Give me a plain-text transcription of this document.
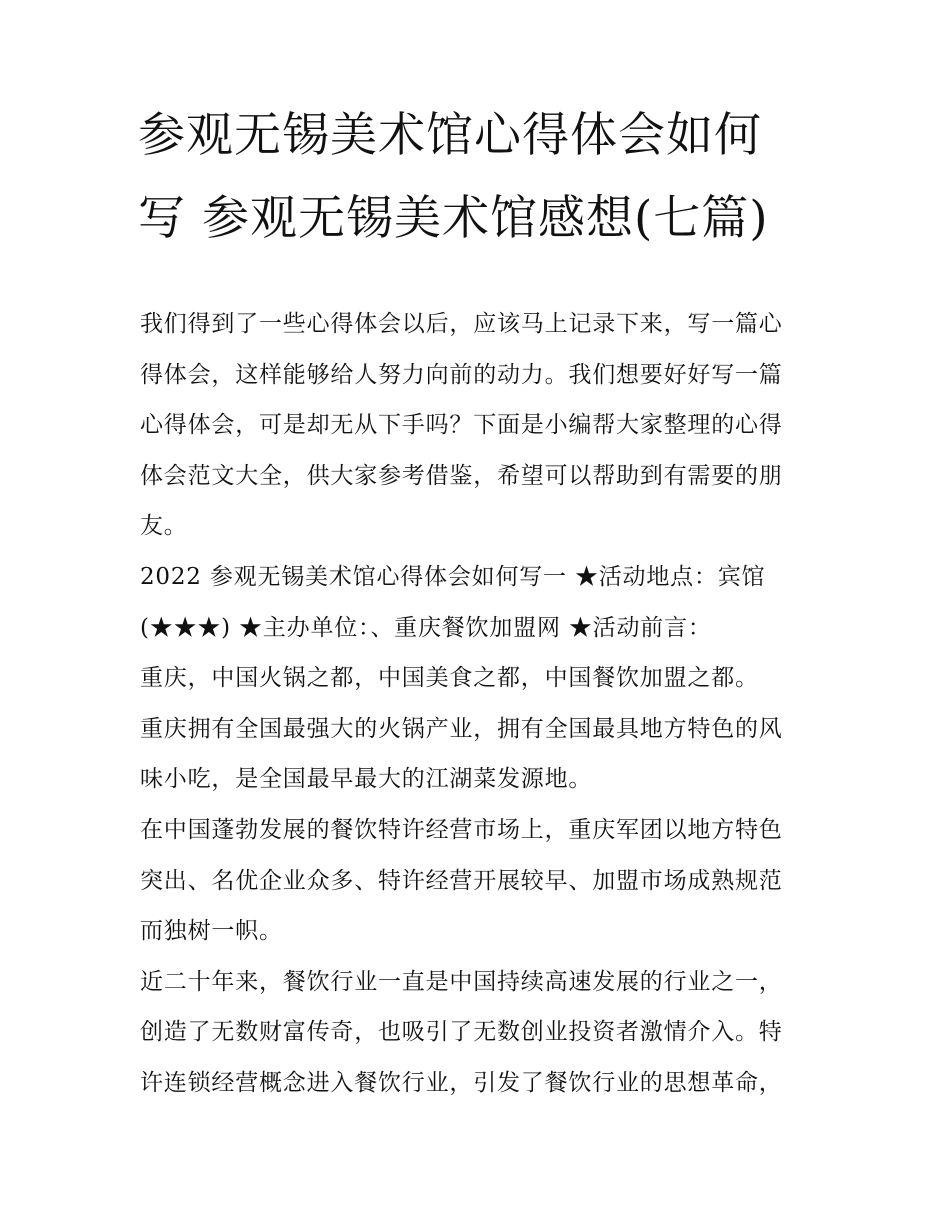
参观无锡美术馆心得体会如何
写 参观无锡美术馆感想(七篇)

我们得到了一些心得体会以后，应该马上记录下来，写一篇心

得体会，这样能够给人努力向前的动力。我们想要好好写一篇

心得体会，可是却无从下手吗？下面是小编帮大家整理的心得

体会范文大全，供大家参考借鉴，希望可以帮助到有需要的朋

友。

2022 参观无锡美术馆心得体会如何写一 ★活动地点：宾馆

(★★★) ★主办单位：、重庆餐饮加盟网 ★活动前言：

重庆，中国火锅之都，中国美食之都，中国餐饮加盟之都。

重庆拥有全国最强大的火锅产业，拥有全国最具地方特色的风

味小吃，是全国最早最大的江湖菜发源地。

在中国蓬勃发展的餐饮特许经营市场上，重庆军团以地方特色

突出、名优企业众多、特许经营开展较早、加盟市场成熟规范

而独树一帜。

近二十年来，餐饮行业一直是中国持续高速发展的行业之一，

创造了无数财富传奇，也吸引了无数创业投资者激情介入。特

许连锁经营概念进入餐饮行业，引发了餐饮行业的思想革命，
